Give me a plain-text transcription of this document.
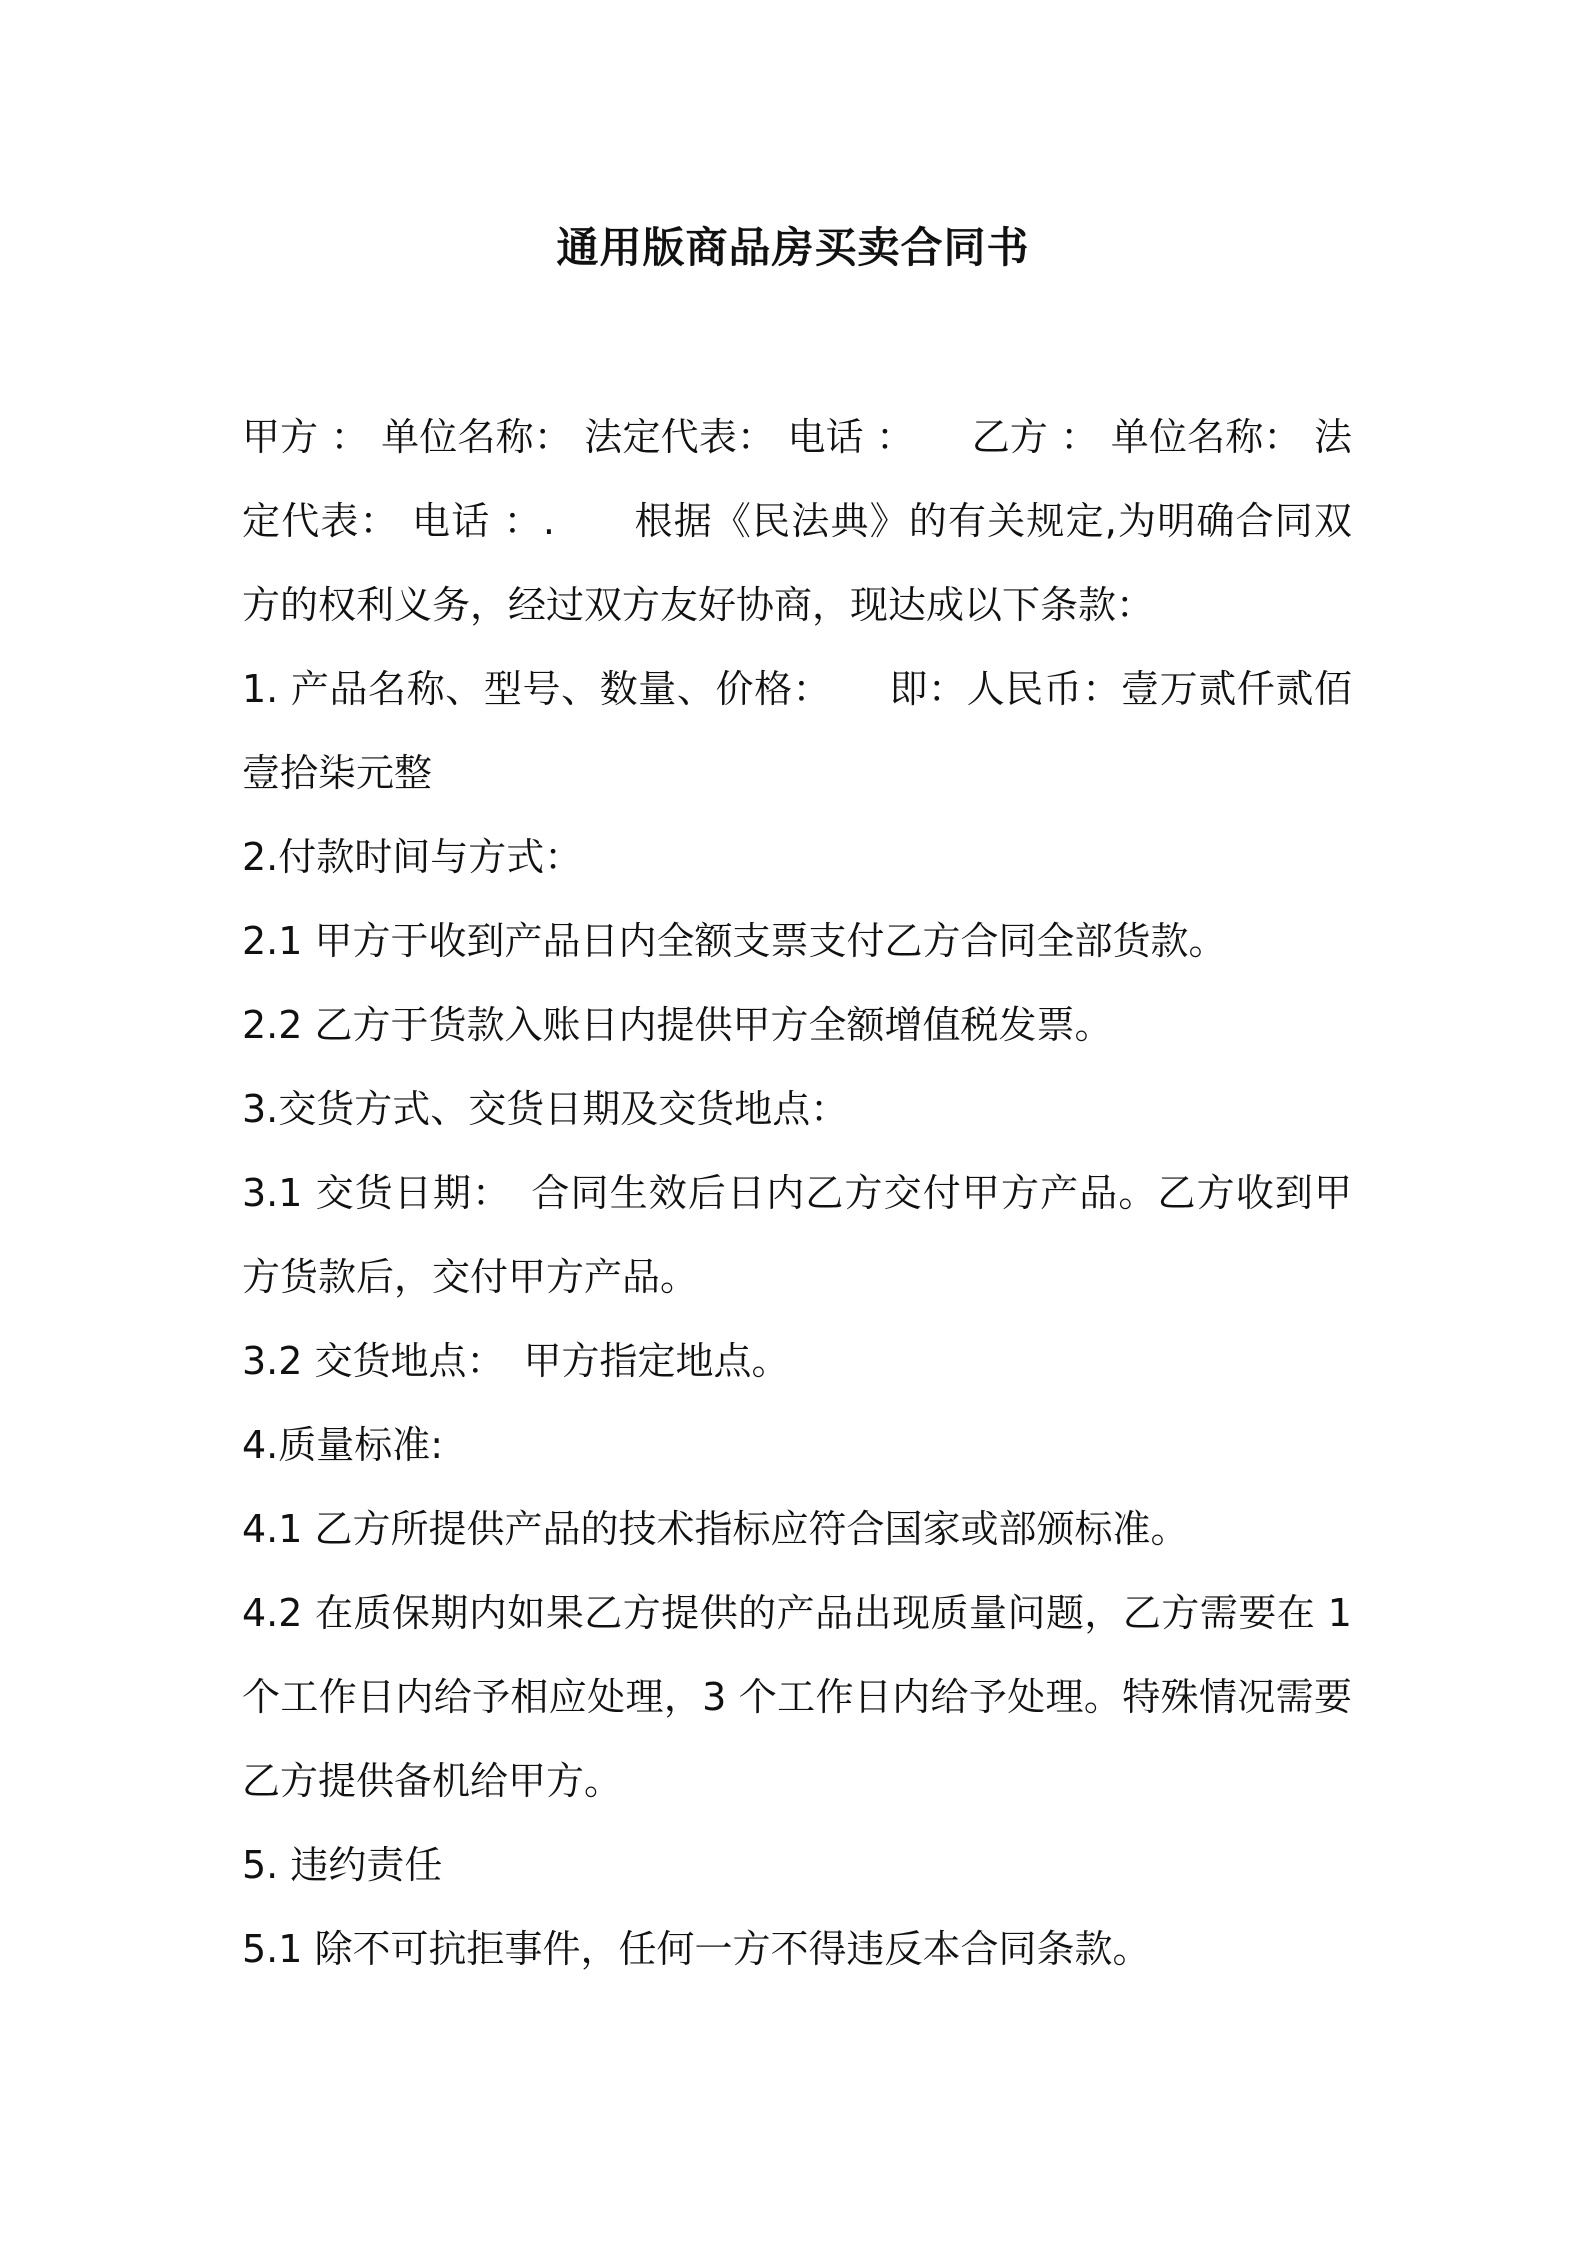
通用版商品房买卖合同书

甲方 ： 单位名称： 法定代表： 电话 ：　　乙方 ： 单位名称： 法定代表： 电话 ：.　　根据《民法典》的有关规定,为明确合同双方的权利义务，经过双方友好协商，现达成以下条款：

1. 产品名称、型号、数量、价格：　　即：人民币：壹万贰仟贰佰壹拾柒元整

2.付款时间与方式：

2.1 甲方于收到产品日内全额支票支付乙方合同全部货款。

2.2 乙方于货款入账日内提供甲方全额增值税发票。

3.交货方式、交货日期及交货地点：

3.1 交货日期：　合同生效后日内乙方交付甲方产品。乙方收到甲方货款后，交付甲方产品。

3.2 交货地点：　甲方指定地点。

4.质量标准:

4.1 乙方所提供产品的技术指标应符合国家或部颁标准。

4.2 在质保期内如果乙方提供的产品出现质量问题，乙方需要在 1 个工作日内给予相应处理，3 个工作日内给予处理。特殊情况需要乙方提供备机给甲方。

5. 违约责任

5.1 除不可抗拒事件，任何一方不得违反本合同条款。
